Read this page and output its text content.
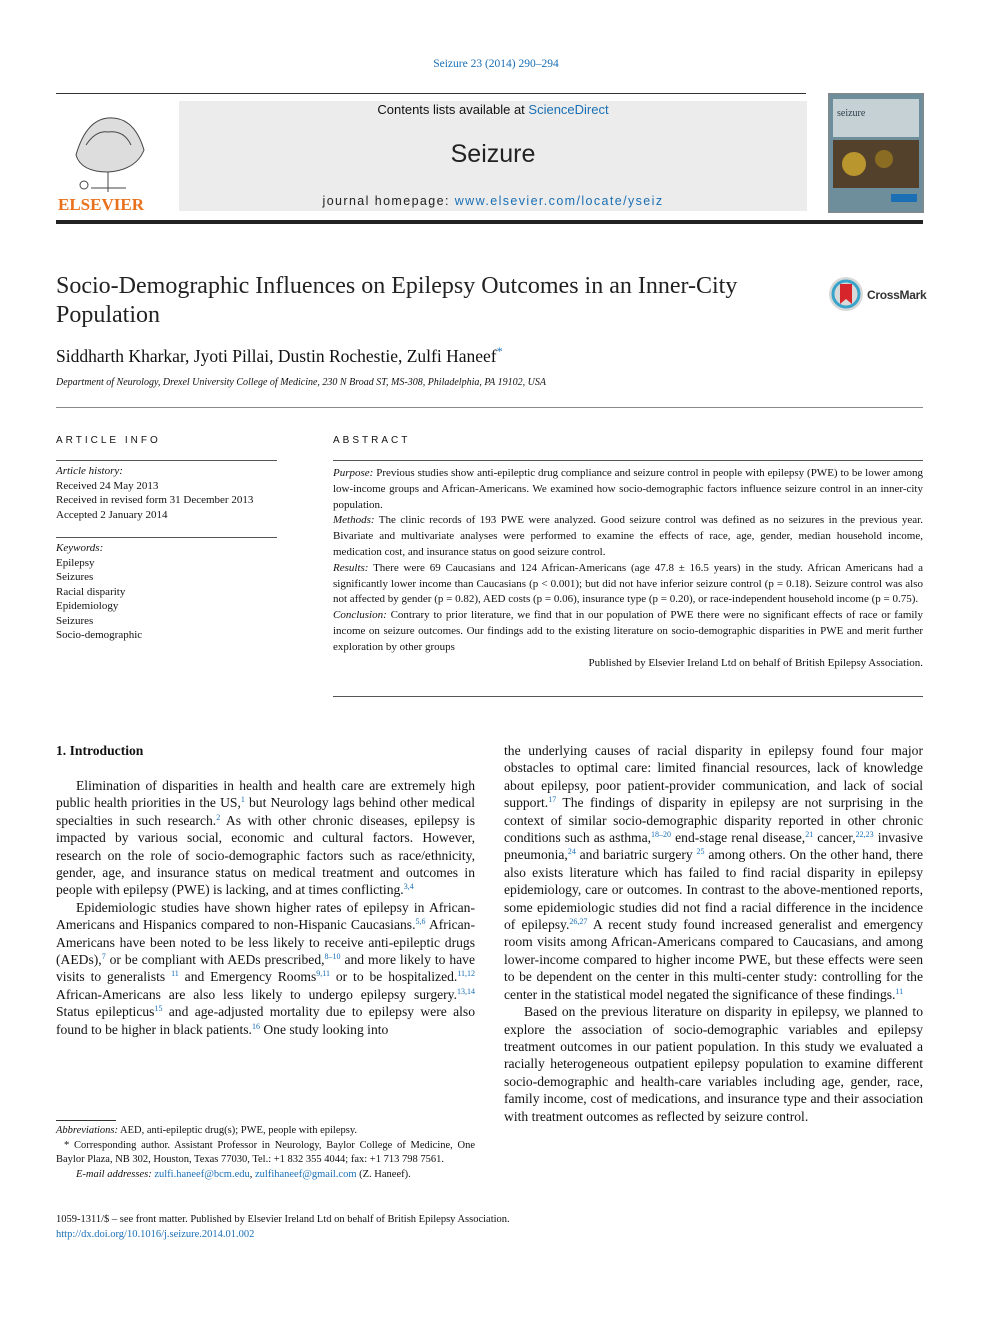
Seizure 23 (2014) 290–294
ELSEVIER
Contents lists available at ScienceDirect
Seizure
journal homepage: www.elsevier.com/locate/yseiz
seizure
Socio-Demographic Influences on Epilepsy Outcomes in an Inner-City Population
CrossMark
Siddharth Kharkar, Jyoti Pillai, Dustin Rochestie, Zulfi Haneef*
Department of Neurology, Drexel University College of Medicine, 230 N Broad ST, MS-308, Philadelphia, PA 19102, USA
ARTICLE INFO
Article history:
Received 24 May 2013
Received in revised form 31 December 2013
Accepted 2 January 2014
Keywords:
Epilepsy
Seizures
Racial disparity
Epidemiology
Seizures
Socio-demographic
ABSTRACT

Purpose: Previous studies show anti-epileptic drug compliance and seizure control in people with epilepsy (PWE) to be lower among low-income groups and African-Americans. We examined how socio-demographic factors influence seizure control in an inner-city population.

Methods: The clinic records of 193 PWE were analyzed. Good seizure control was defined as no seizures in the previous year. Bivariate and multivariate analyses were performed to examine the effects of race, age, gender, median household income, medication cost, and insurance status on good seizure control.

Results: There were 69 Caucasians and 124 African-Americans (age 47.8 ± 16.5 years) in the study. African Americans had a significantly lower income than Caucasians (p < 0.001); but did not have inferior seizure control (p = 0.18). Seizure control was also not affected by gender (p = 0.82), AED costs (p = 0.06), insurance type (p = 0.20), or race-independent household income (p = 0.75).

Conclusion: Contrary to prior literature, we find that in our population of PWE there were no significant effects of race or family income on seizure outcomes. Our findings add to the existing literature on socio-demographic disparities in PWE and merit further exploration by other groups

Published by Elsevier Ireland Ltd on behalf of British Epilepsy Association.

1. Introduction

Elimination of disparities in health and health care are extremely high public health priorities in the US,$^1$ but Neurology lags behind other medical specialties in such research.$^2$ As with other chronic diseases, epilepsy is impacted by various social, economic and cultural factors. However, research on the role of socio-demographic factors such as race/ethnicity, gender, age, and insurance status on medical treatment and outcomes in people with epilepsy (PWE) is lacking, and at times conflicting.$^{3,4}$

Epidemiologic studies have shown higher rates of epilepsy in African-Americans and Hispanics compared to non-Hispanic Caucasians.$^{5,6}$ African-Americans have been noted to be less likely to receive anti-epileptic drugs (AEDs),$^7$ or be compliant with AEDs prescribed,$^{8-10}$ and more likely to have visits to generalists $^{11}$ and Emergency Rooms$^{9,11}$ or to be hospitalized.$^{11,12}$ African-Americans are also less likely to undergo epilepsy surgery.$^{13,14}$ Status epilepticus$^{15}$ and age-adjusted mortality due to epilepsy were also found to be higher in black patients.$^{16}$ One study looking into

the underlying causes of racial disparity in epilepsy found four major obstacles to optimal care: limited financial resources, lack of knowledge about epilepsy, poor patient-provider communication, and lack of social support.$^{17}$ The findings of disparity in epilepsy are not surprising in the context of similar socio-demographic disparity reported in other chronic conditions such as asthma,$^{18-20}$ end-stage renal disease,$^{21}$ cancer,$^{22,23}$ invasive pneumonia,$^{24}$ and bariatric surgery $^{25}$ among others. On the other hand, there also exists literature which has failed to find racial disparity in epilepsy epidemiology, care or outcomes. In contrast to the above-mentioned reports, some epidemiologic studies did not find a racial difference in the incidence of epilepsy.$^{26,27}$ A recent study found increased generalist and emergency room visits among African-Americans compared to Caucasians, and among lower-income compared to higher income PWE, but these effects were seen to be dependent on the center in this multi-center study: controlling for the center in the statistical model negated the significance of these findings.$^{11}$

Based on the previous literature on disparity in epilepsy, we planned to explore the association of socio-demographic variables and epilepsy treatment outcomes in our patient population. In this study we evaluated a racially heterogeneous outpatient epilepsy population to examine different socio-demographic and health-care variables including age, gender, race, family income, cost of medications, and insurance type and their association with treatment outcomes as reflected by seizure control.

Abbreviations: AED, anti-epileptic drug(s); PWE, people with epilepsy.

* Corresponding author. Assistant Professor in Neurology, Baylor College of Medicine, One Baylor Plaza, NB 302, Houston, Texas 77030, Tel.: +1 832 355 4044; fax: +1 713 798 7561.

E-mail addresses: zulfi.haneef@bcm.edu, zulfihaneef@gmail.com (Z. Haneef).

1059-1311/$ – see front matter. Published by Elsevier Ireland Ltd on behalf of British Epilepsy Association.
http://dx.doi.org/10.1016/j.seizure.2014.01.002
